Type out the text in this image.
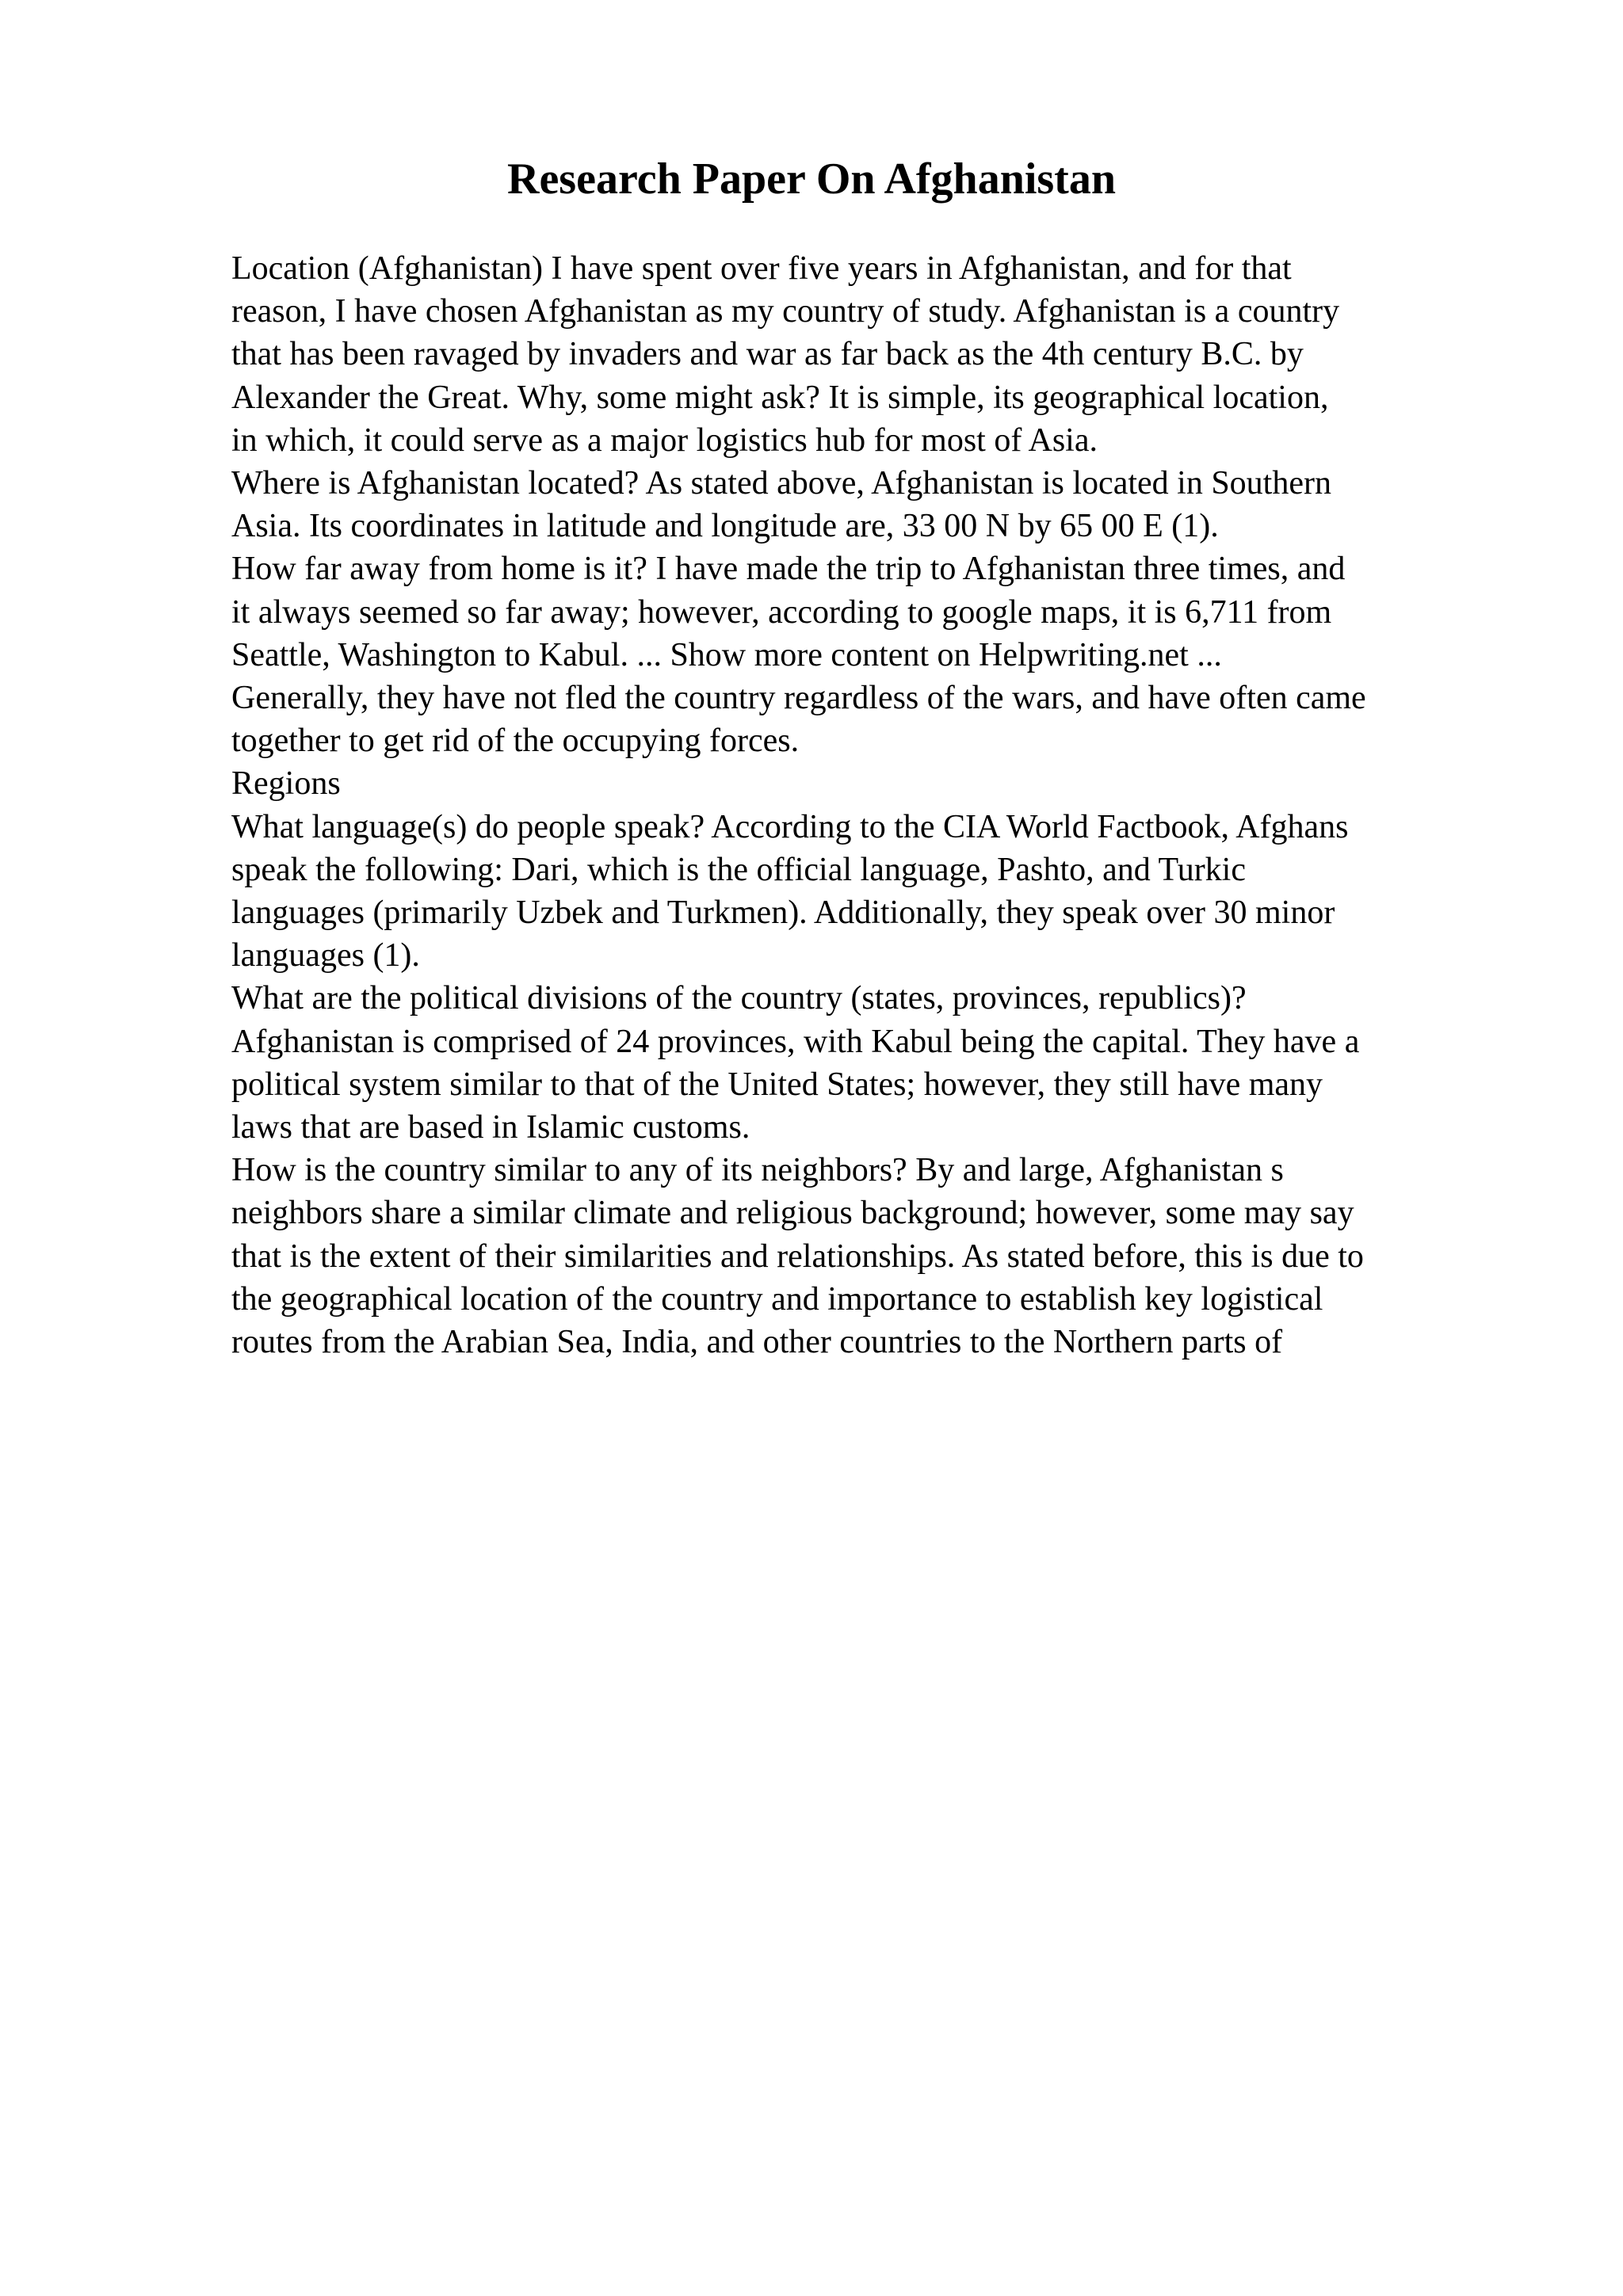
Research Paper On Afghanistan
Location (Afghanistan) I have spent over five years in Afghanistan, and for that
reason, I have chosen Afghanistan as my country of study. Afghanistan is a country
that has been ravaged by invaders and war as far back as the 4th century B.C. by
Alexander the Great. Why, some might ask? It is simple, its geographical location,
in which, it could serve as a major logistics hub for most of Asia.
Where is Afghanistan located? As stated above, Afghanistan is located in Southern
Asia. Its coordinates in latitude and longitude are, 33 00 N by 65 00 E (1).
How far away from home is it? I have made the trip to Afghanistan three times, and
it always seemed so far away; however, according to google maps, it is 6,711 from
Seattle, Washington to Kabul. ... Show more content on Helpwriting.net ...
Generally, they have not fled the country regardless of the wars, and have often came
together to get rid of the occupying forces.
Regions
What language(s) do people speak? According to the CIA World Factbook, Afghans
speak the following: Dari, which is the official language, Pashto, and Turkic
languages (primarily Uzbek and Turkmen). Additionally, they speak over 30 minor
languages (1).
What are the political divisions of the country (states, provinces, republics)?
Afghanistan is comprised of 24 provinces, with Kabul being the capital. They have a
political system similar to that of the United States; however, they still have many
laws that are based in Islamic customs.
How is the country similar to any of its neighbors? By and large, Afghanistan s
neighbors share a similar climate and religious background; however, some may say
that is the extent of their similarities and relationships. As stated before, this is due to
the geographical location of the country and importance to establish key logistical
routes from the Arabian Sea, India, and other countries to the Northern parts of
